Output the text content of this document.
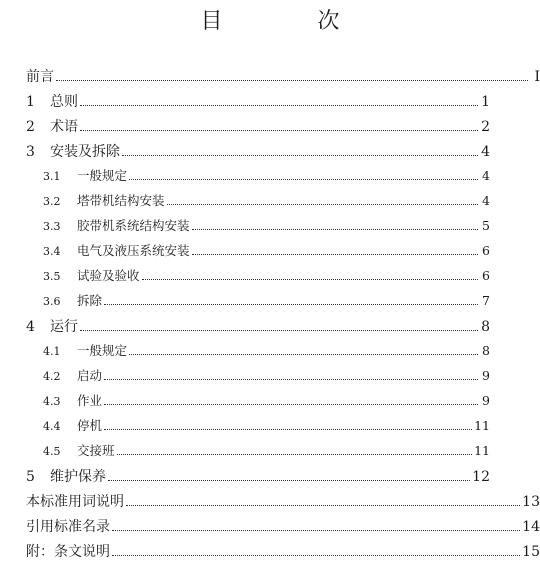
目 次
前言	Ⅰ
1	总则	1
2	术语	2
3	安装及拆除	4
3.1	一般规定	4
3.2	塔带机结构安装	4
3.3	胶带机系统结构安装	5
3.4	电气及液压系统安装	6
3.5	试验及验收	6
3.6	拆除	7
4	运行	8
4.1	一般规定	8
4.2	启动	9
4.3	作业	9
4.4	停机	11
4.5	交接班	11
5	维护保养	12
本标准用词说明	13
引用标准名录	14
附：条文说明	15
